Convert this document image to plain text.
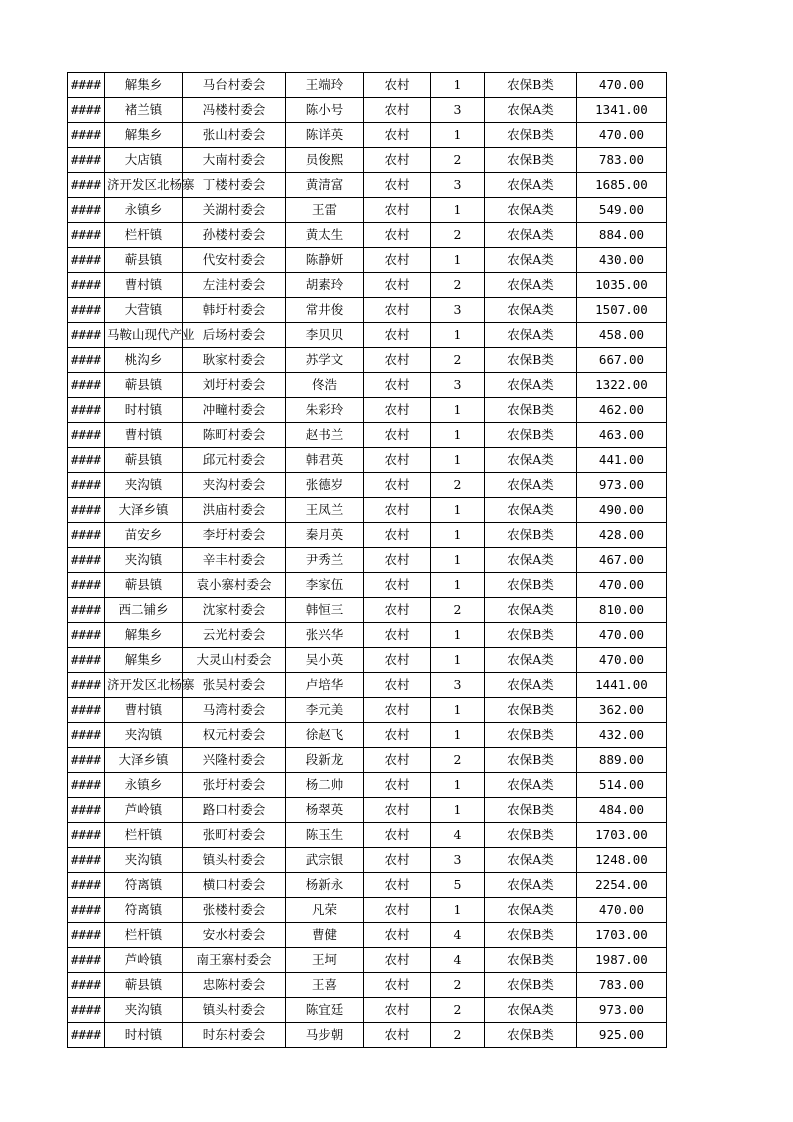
####	解集乡	马台村委会	王端玲	农村	1	农保B类	470.00
####	褚兰镇	冯楼村委会	陈小号	农村	3	农保A类	1341.00
####	解集乡	张山村委会	陈详英	农村	1	农保B类	470.00
####	大店镇	大南村委会	员俊熙	农村	2	农保B类	783.00
####	济开发区北杨寨	丁楼村委会	黄清富	农村	3	农保A类	1685.00
####	永镇乡	关湖村委会	王雷	农村	1	农保A类	549.00
####	栏杆镇	孙楼村委会	黄太生	农村	2	农保A类	884.00
####	蕲县镇	代安村委会	陈静妍	农村	1	农保A类	430.00
####	曹村镇	左洼村委会	胡素玲	农村	2	农保A类	1035.00
####	大营镇	韩圩村委会	常井俊	农村	3	农保A类	1507.00
####	马鞍山现代产业	后场村委会	李贝贝	农村	1	农保A类	458.00
####	桃沟乡	耿家村委会	苏学文	农村	2	农保B类	667.00
####	蕲县镇	刘圩村委会	佟浩	农村	3	农保A类	1322.00
####	时村镇	冲疃村委会	朱彩玲	农村	1	农保B类	462.00
####	曹村镇	陈町村委会	赵书兰	农村	1	农保B类	463.00
####	蕲县镇	邱元村委会	韩君英	农村	1	农保A类	441.00
####	夹沟镇	夹沟村委会	张德岁	农村	2	农保A类	973.00
####	大泽乡镇	洪庙村委会	王凤兰	农村	1	农保A类	490.00
####	苗安乡	李圩村委会	秦月英	农村	1	农保B类	428.00
####	夹沟镇	辛丰村委会	尹秀兰	农村	1	农保A类	467.00
####	蕲县镇	袁小寨村委会	李家伍	农村	1	农保B类	470.00
####	西二铺乡	沈家村委会	韩恒三	农村	2	农保A类	810.00
####	解集乡	云光村委会	张兴华	农村	1	农保B类	470.00
####	解集乡	大灵山村委会	吴小英	农村	1	农保A类	470.00
####	济开发区北杨寨	张吴村委会	卢培华	农村	3	农保A类	1441.00
####	曹村镇	马湾村委会	李元美	农村	1	农保B类	362.00
####	夹沟镇	权元村委会	徐赵飞	农村	1	农保B类	432.00
####	大泽乡镇	兴隆村委会	段新龙	农村	2	农保B类	889.00
####	永镇乡	张圩村委会	杨二帅	农村	1	农保A类	514.00
####	芦岭镇	路口村委会	杨翠英	农村	1	农保B类	484.00
####	栏杆镇	张町村委会	陈玉生	农村	4	农保B类	1703.00
####	夹沟镇	镇头村委会	武宗银	农村	3	农保A类	1248.00
####	符离镇	横口村委会	杨新永	农村	5	农保A类	2254.00
####	符离镇	张楼村委会	凡荣	农村	1	农保A类	470.00
####	栏杆镇	安水村委会	曹健	农村	4	农保B类	1703.00
####	芦岭镇	南王寨村委会	王坷	农村	4	农保B类	1987.00
####	蕲县镇	忠陈村委会	王喜	农村	2	农保B类	783.00
####	夹沟镇	镇头村委会	陈宜廷	农村	2	农保A类	973.00
####	时村镇	时东村委会	马步朝	农村	2	农保B类	925.00
